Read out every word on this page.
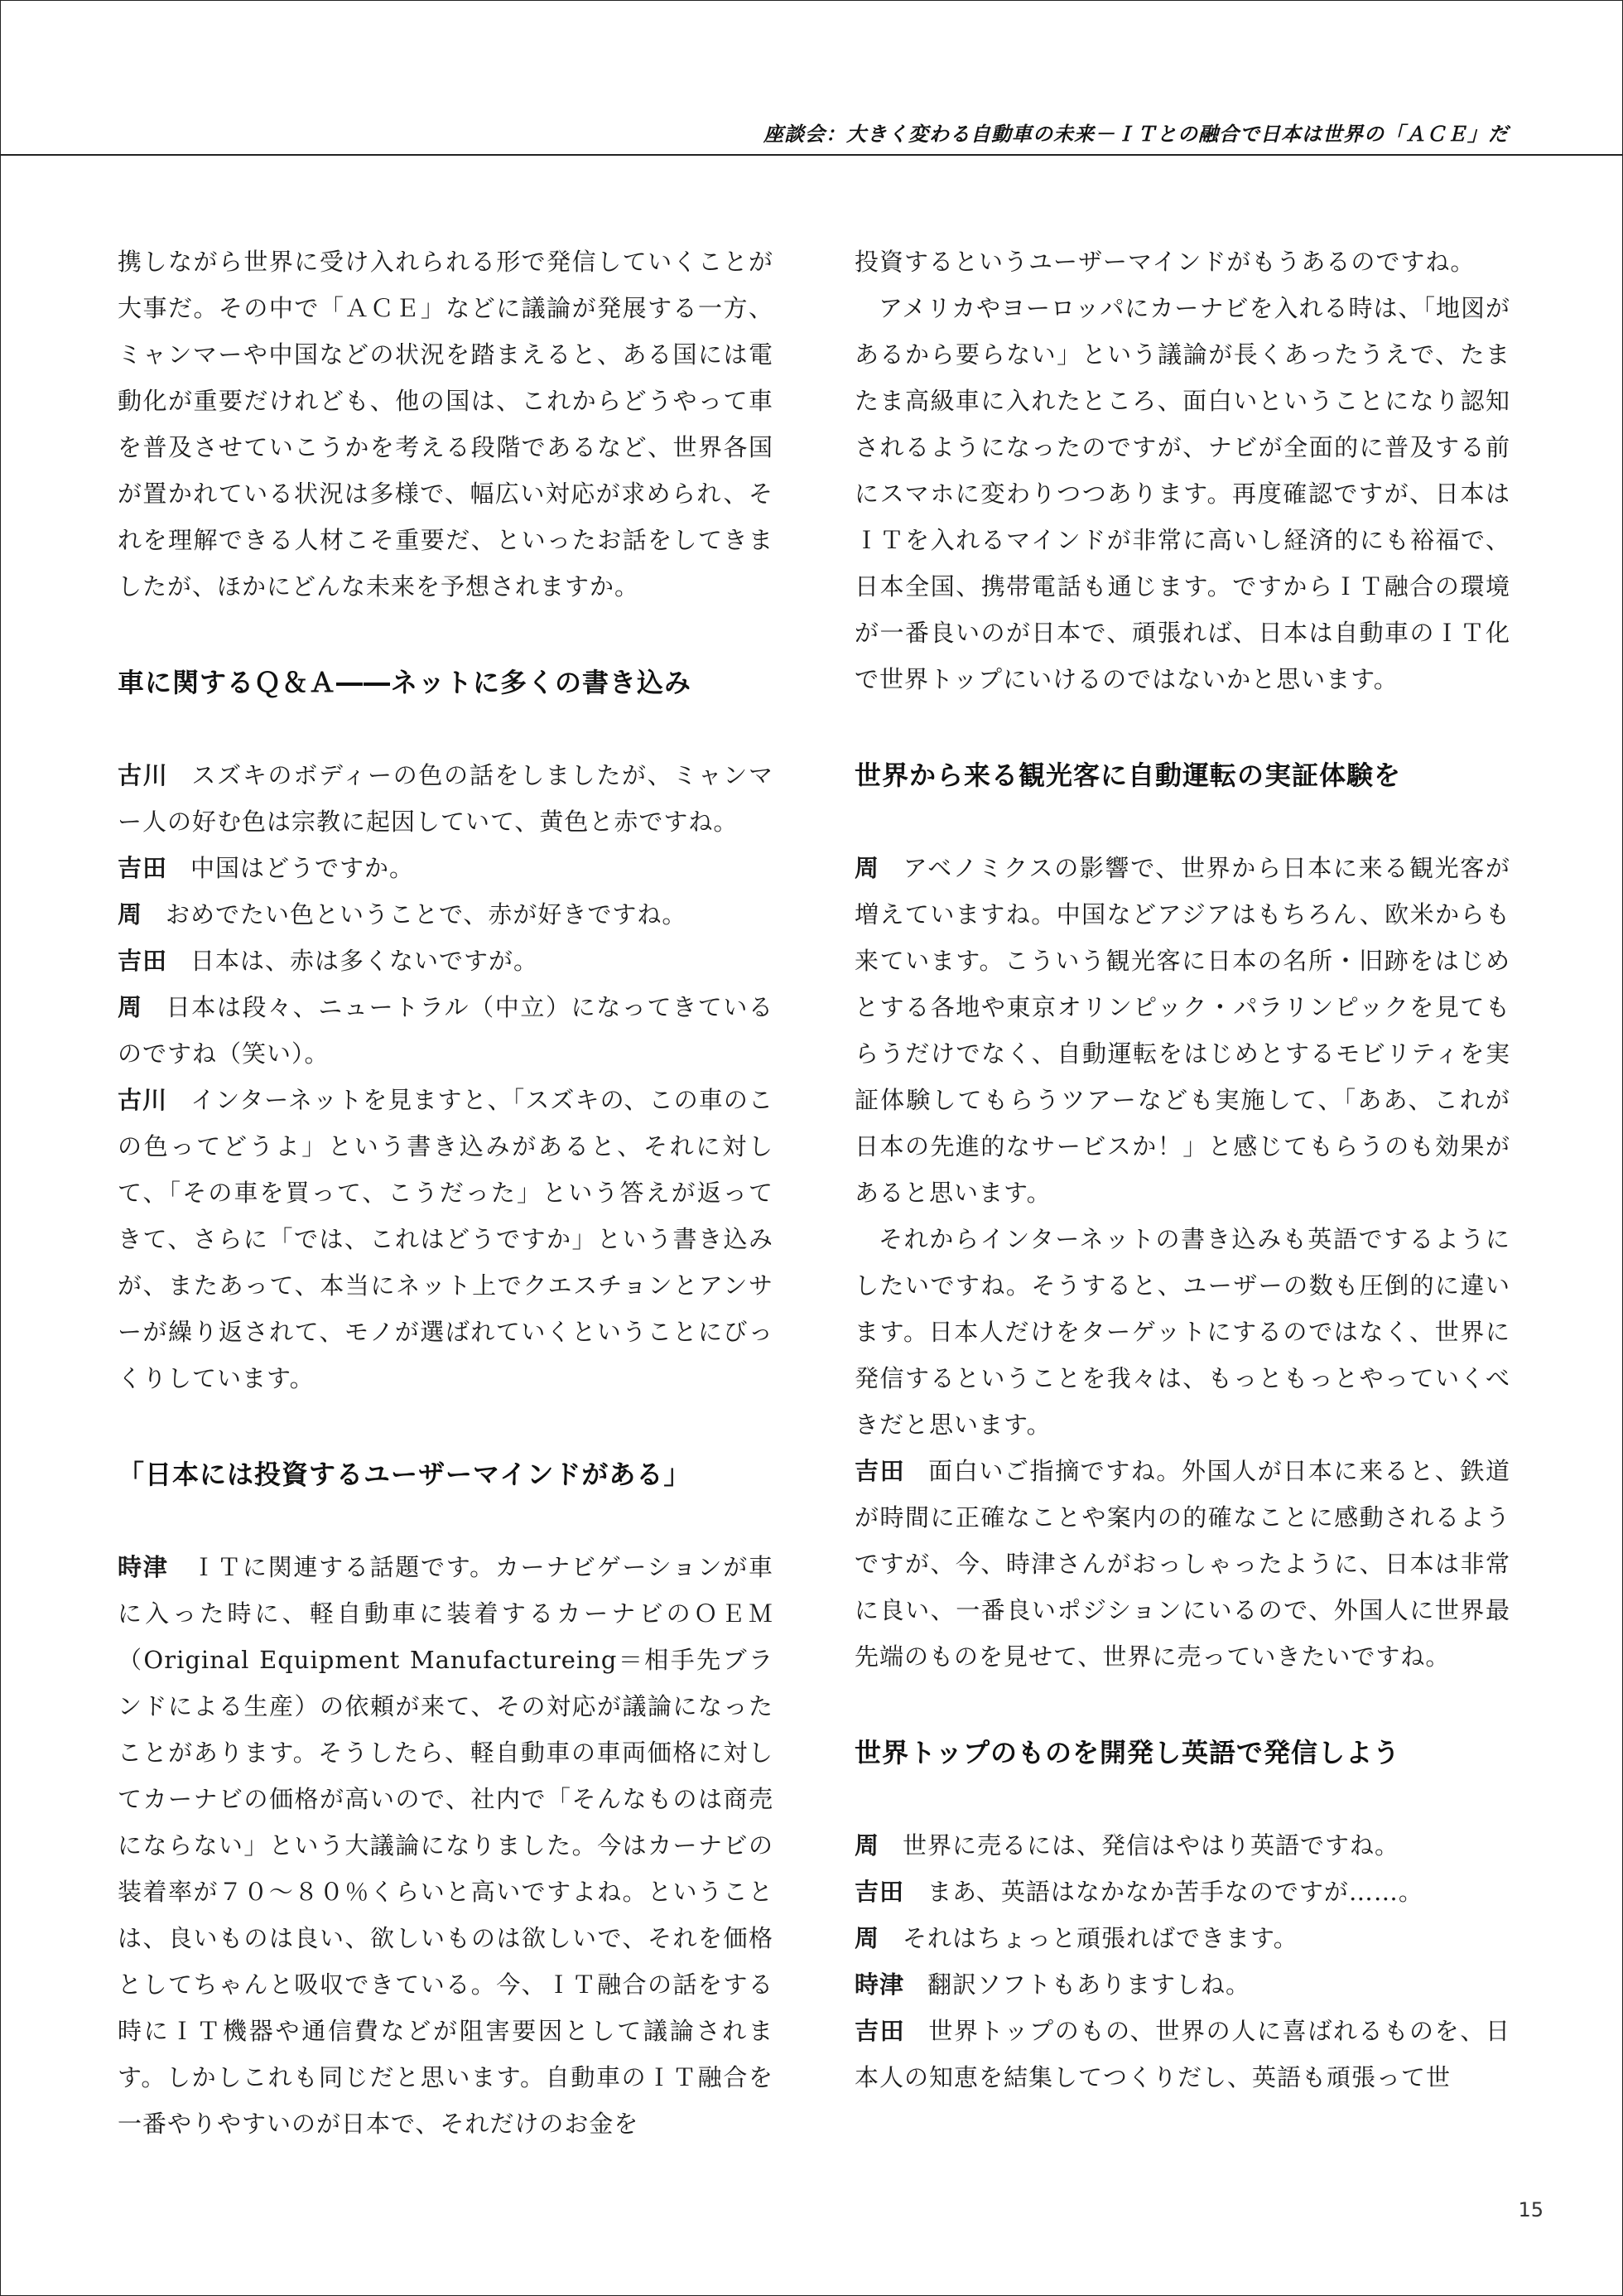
座談会：大きく変わる自動車の未来－ＩＴとの融合で日本は世界の「ＡＣＥ」だ

携しながら世界に受け入れられる形で発信していくことが大事だ。その中で「ＡＣＥ」などに議論が発展する一方、ミャンマーや中国などの状況を踏まえると、ある国には電動化が重要だけれども、他の国は、これからどうやって車を普及させていこうかを考える段階であるなど、世界各国が置かれている状況は多様で、幅広い対応が求められ、それを理解できる人材こそ重要だ、といったお話をしてきましたが、ほかにどんな未来を予想されますか。

車に関するＱ＆Ａ――ネットに多くの書き込み

古川 スズキのボディーの色の話をしましたが、ミャンマー人の好む色は宗教に起因していて、黄色と赤ですね。

吉田 中国はどうですか。

周 おめでたい色ということで、赤が好きですね。

吉田 日本は、赤は多くないですが。

周 日本は段々、ニュートラル（中立）になってきているのですね（笑い）。

古川 インターネットを見ますと、「スズキの、この車のこの色ってどうよ」という書き込みがあると、それに対して、「その車を買って、こうだった」という答えが返ってきて、さらに「では、これはどうですか」という書き込みが、またあって、本当にネット上でクエスチョンとアンサーが繰り返されて、モノが選ばれていくということにびっくりしています。

「日本には投資するユーザーマインドがある」

時津 ＩＴに関連する話題です。カーナビゲーションが車に入った時に、軽自動車に装着するカーナビのＯＥＭ（Original Equipment Manufactureing＝相手先ブランドによる生産）の依頼が来て、その対応が議論になったことがあります。そうしたら、軽自動車の車両価格に対してカーナビの価格が高いので、社内で「そんなものは商売にならない」という大議論になりました。今はカーナビの装着率が７０～８０％くらいと高いですよね。ということは、良いものは良い、欲しいものは欲しいで、それを価格としてちゃんと吸収できている。今、ＩＴ融合の話をする時にＩＴ機器や通信費などが阻害要因として議論されます。しかしこれも同じだと思います。自動車のＩＴ融合を一番やりやすいのが日本で、それだけのお金を

投資するというユーザーマインドがもうあるのですね。

アメリカやヨーロッパにカーナビを入れる時は、「地図があるから要らない」という議論が長くあったうえで、たまたま高級車に入れたところ、面白いということになり認知されるようになったのですが、ナビが全面的に普及する前にスマホに変わりつつあります。再度確認ですが、日本はＩＴを入れるマインドが非常に高いし経済的にも裕福で、日本全国、携帯電話も通じます。ですからＩＴ融合の環境が一番良いのが日本で、頑張れば、日本は自動車のＩＴ化で世界トップにいけるのではないかと思います。

世界から来る観光客に自動運転の実証体験を

周 アベノミクスの影響で、世界から日本に来る観光客が増えていますね。中国などアジアはもちろん、欧米からも来ています。こういう観光客に日本の名所・旧跡をはじめとする各地や東京オリンピック・パラリンピックを見てもらうだけでなく、自動運転をはじめとするモビリティを実証体験してもらうツアーなども実施して、「ああ、これが日本の先進的なサービスか！」と感じてもらうのも効果があると思います。

それからインターネットの書き込みも英語でするようにしたいですね。そうすると、ユーザーの数も圧倒的に違います。日本人だけをターゲットにするのではなく、世界に発信するということを我々は、もっともっとやっていくべきだと思います。

吉田 面白いご指摘ですね。外国人が日本に来ると、鉄道が時間に正確なことや案内の的確なことに感動されるようですが、今、時津さんがおっしゃったように、日本は非常に良い、一番良いポジションにいるので、外国人に世界最先端のものを見せて、世界に売っていきたいですね。

世界トップのものを開発し英語で発信しよう

周 世界に売るには、発信はやはり英語ですね。

吉田 まあ、英語はなかなか苦手なのですが……。

周 それはちょっと頑張ればできます。

時津 翻訳ソフトもありますしね。

吉田 世界トップのもの、世界の人に喜ばれるものを、日本人の知恵を結集してつくりだし、英語も頑張って世

15
